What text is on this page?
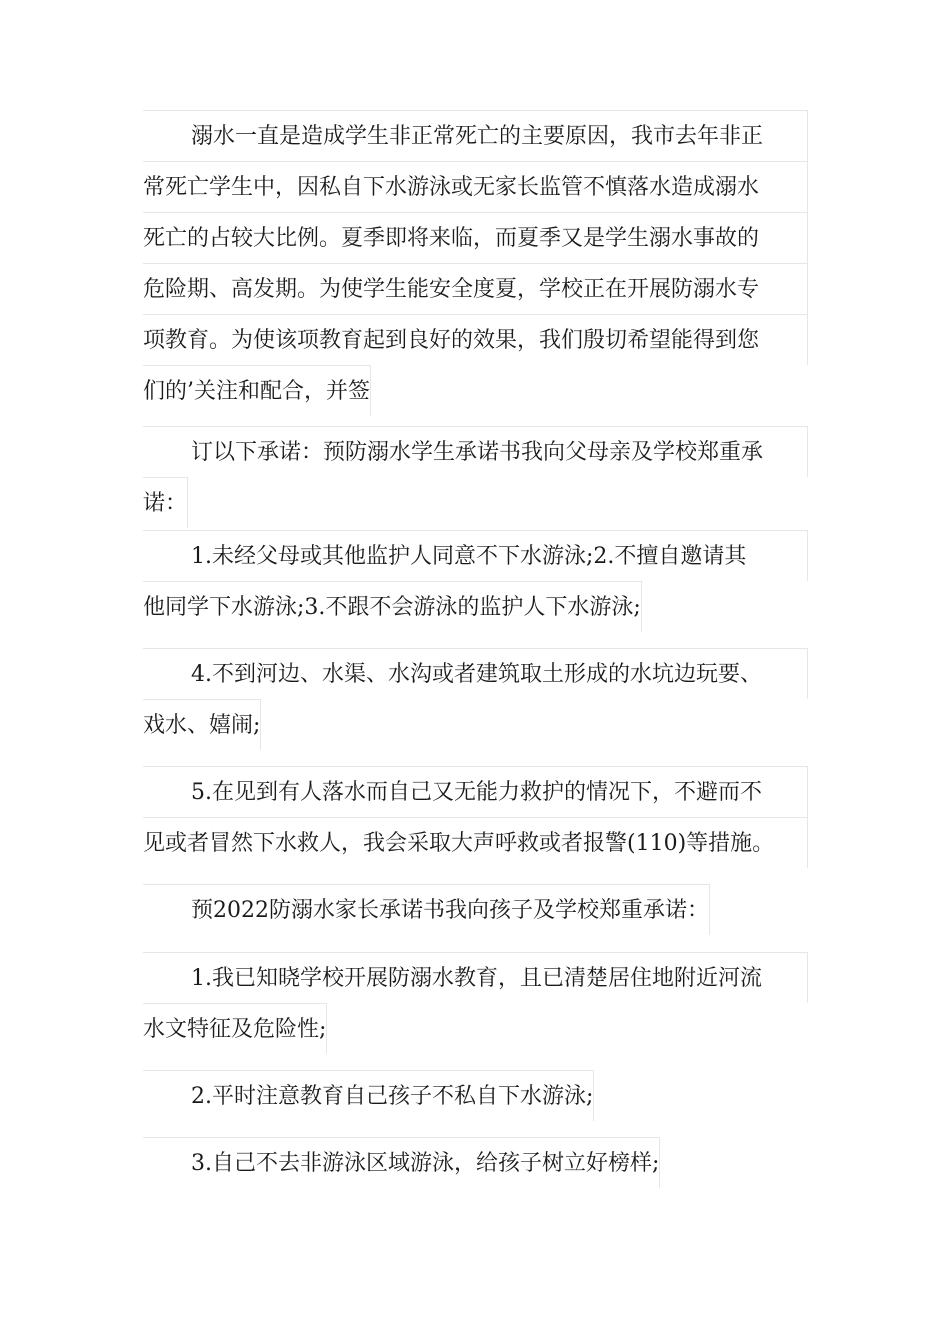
溺水一直是造成学生非正常死亡的主要原因，我市去年非正
常死亡学生中，因私自下水游泳或无家长监管不慎落水造成溺水
死亡的占较大比例。夏季即将来临，而夏季又是学生溺水事故的
危险期、高发期。为使学生能安全度夏，学校正在开展防溺水专
项教育。为使该项教育起到良好的效果，我们殷切希望能得到您
们的’关注和配合，并签
订以下承诺：预防溺水学生承诺书我向父母亲及学校郑重承
诺：
1.未经父母或其他监护人同意不下水游泳;2.不擅自邀请其
他同学下水游泳;3.不跟不会游泳的监护人下水游泳;
4.不到河边、水渠、水沟或者建筑取土形成的水坑边玩要、
戏水、嬉闹;
5.在见到有人落水而自己又无能力救护的情况下，不避而不
见或者冒然下水救人，我会采取大声呼救或者报警(110)等措施。
预2022防溺水家长承诺书我向孩子及学校郑重承诺：
1.我已知晓学校开展防溺水教育，且已清楚居住地附近河流
水文特征及危险性;
2.平时注意教育自己孩子不私自下水游泳;
3.自己不去非游泳区域游泳，给孩子树立好榜样;
